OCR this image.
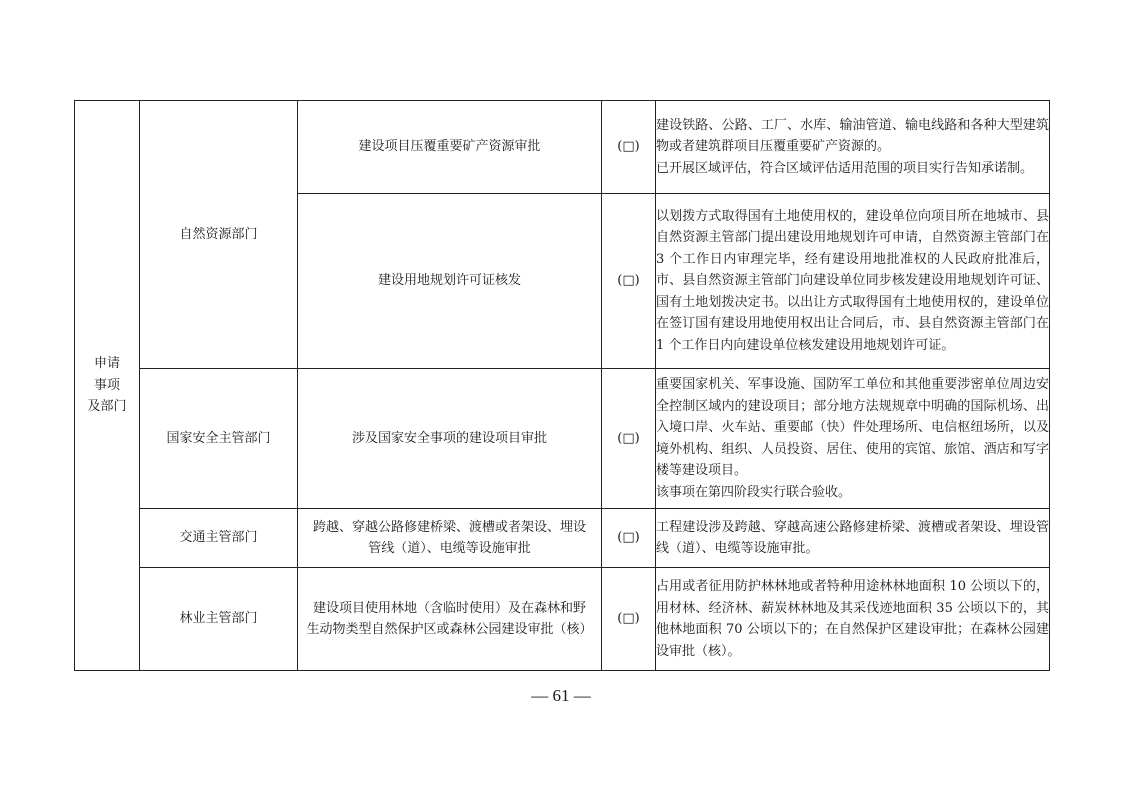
申请
事项
及部门	自然资源部门	建设项目压覆重要矿产资源审批	(□)	建设铁路、公路、工厂、水库、输油管道、输电线路和各种大型建筑物或者建筑群项目压覆重要矿产资源的。
已开展区域评估，符合区域评估适用范围的项目实行告知承诺制。

		建设用地规划许可证核发	(□)	以划拨方式取得国有土地使用权的，建设单位向项目所在地城市、县自然资源主管部门提出建设用地规划许可申请，自然资源主管部门在 3 个工作日内审理完毕，经有建设用地批准权的人民政府批准后，市、县自然资源主管部门向建设单位同步核发建设用地规划许可证、国有土地划拨决定书。以出让方式取得国有土地使用权的，建设单位在签订国有建设用地使用权出让合同后，市、县自然资源主管部门在 1 个工作日内向建设单位核发建设用地规划许可证。

	国家安全主管部门	涉及国家安全事项的建设项目审批	(□)	重要国家机关、军事设施、国防军工单位和其他重要涉密单位周边安全控制区域内的建设项目；部分地方法规规章中明确的国际机场、出入境口岸、火车站、重要邮（快）件处理场所、电信枢纽场所，以及境外机构、组织、人员投资、居住、使用的宾馆、旅馆、酒店和写字楼等建设项目。
该事项在第四阶段实行联合验收。

	交通主管部门	跨越、穿越公路修建桥梁、渡槽或者架设、埋设
管线（道）、电缆等设施审批	(□)	工程建设涉及跨越、穿越高速公路修建桥梁、渡槽或者架设、埋设管线（道）、电缆等设施审批。

	林业主管部门	建设项目使用林地（含临时使用）及在森林和野
生动物类型自然保护区或森林公园建设审批（核）	(□)	占用或者征用防护林林地或者特种用途林林地面积 10 公顷以下的，用材林、经济林、薪炭林林地及其采伐迹地面积 35 公顷以下的，其他林地面积 70 公顷以下的；在自然保护区建设审批；在森林公园建设审批（核）。
— 61 —
